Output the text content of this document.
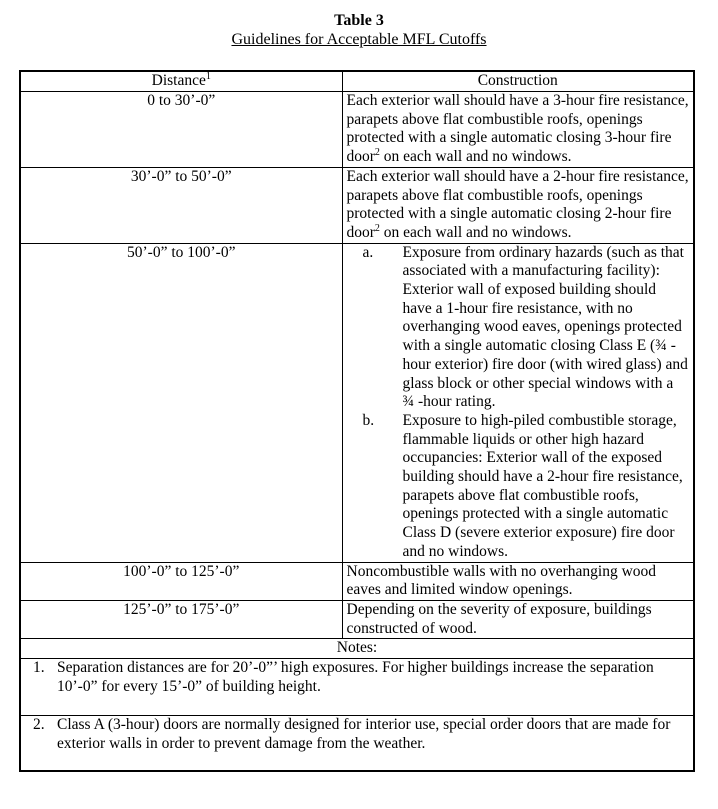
Table 3
Guidelines for Acceptable MFL Cutoffs
Distance$^1$	Construction
0 to 30’-0”	Each exterior wall should have a 3-hour fire resistance, parapets above flat combustible roofs, openings protected with a single automatic closing 3-hour fire door$^2$ on each wall and no windows.
30’-0” to 50’-0”	Each exterior wall should have a 2-hour fire resistance, parapets above flat combustible roofs, openings protected with a single automatic closing 2-hour fire door$^2$ on each wall and no windows.
50’-0” to 100’-0”	a. Exposure from ordinary hazards (such as that associated with a manufacturing facility): Exterior wall of exposed building should have a 1-hour fire resistance, with no overhanging wood eaves, openings protected with a single automatic closing Class E (¾ -hour exterior) fire door (with wired glass) and glass block or other special windows with a ¾ -hour rating.
b. Exposure to high-piled combustible storage, flammable liquids or other high hazard occupancies: Exterior wall of the exposed building should have a 2-hour fire resistance, parapets above flat combustible roofs, openings protected with a single automatic Class D (severe exterior exposure) fire door and no windows.

100’-0” to 125’-0”	Noncombustible walls with no overhanging wood eaves and limited window openings.
125’-0” to 175’-0”	Depending on the severity of exposure, buildings constructed of wood.
Notes:	

1. Separation distances are for 20’-0”’ high exposures. For higher buildings increase the separation 10’-0” for every 15’-0” of building height.	

2. Class A (3-hour) doors are normally designed for interior use, special order doors that are made for exterior walls in order to prevent damage from the weather.	
